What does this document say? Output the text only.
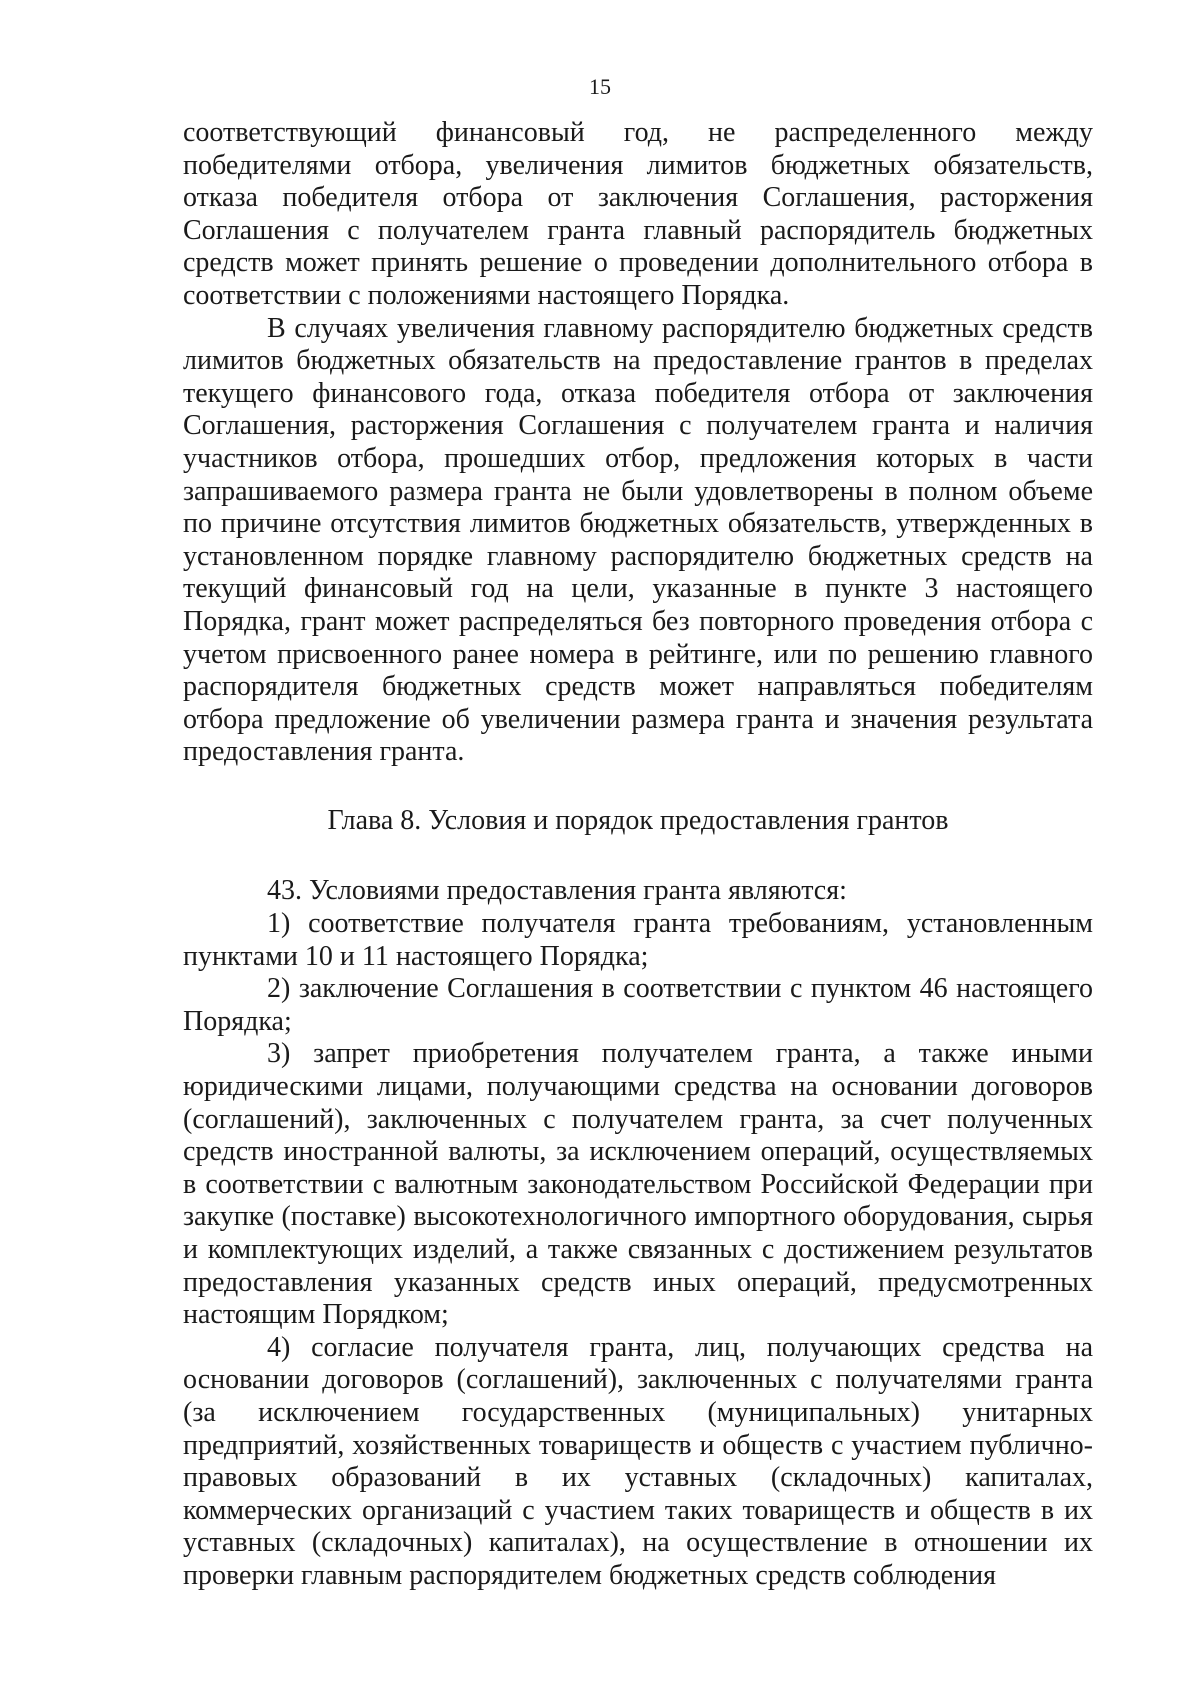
15

соответствующий финансовый год, не распределенного между победителями отбора, увеличения лимитов бюджетных обязательств, отказа победителя отбора от заключения Соглашения, расторжения Соглашения с получателем гранта главный распорядитель бюджетных средств может принять решение о проведении дополнительного отбора в соответствии с положениями настоящего Порядка.

В случаях увеличения главному распорядителю бюджетных средств лимитов бюджетных обязательств на предоставление грантов в пределах текущего финансового года, отказа победителя отбора от заключения Соглашения, расторжения Соглашения с получателем гранта и наличия участников отбора, прошедших отбор, предложения которых в части запрашиваемого размера гранта не были удовлетворены в полном объеме по причине отсутствия лимитов бюджетных обязательств, утвержденных в установленном порядке главному распорядителю бюджетных средств на текущий финансовый год на цели, указанные в пункте 3 настоящего Порядка, грант может распределяться без повторного проведения отбора с учетом присвоенного ранее номера в рейтинге, или по решению главного распорядителя бюджетных средств может направляться победителям отбора предложение об увеличении размера гранта и значения результата предоставления гранта.

Глава 8. Условия и порядок предоставления грантов

43. Условиями предоставления гранта являются:

1) соответствие получателя гранта требованиям, установленным пунктами 10 и 11 настоящего Порядка;

2) заключение Соглашения в соответствии с пунктом 46 настоящего Порядка;

3) запрет приобретения получателем гранта, а также иными юридическими лицами, получающими средства на основании договоров (соглашений), заключенных с получателем гранта, за счет полученных средств иностранной валюты, за исключением операций, осуществляемых в соответствии с валютным законодательством Российской Федерации при закупке (поставке) высокотехнологичного импортного оборудования, сырья и комплектующих изделий, а также связанных с достижением результатов предоставления указанных средств иных операций, предусмотренных настоящим Порядком;

4) согласие получателя гранта, лиц, получающих средства на основании договоров (соглашений), заключенных с получателями гранта (за исключением государственных (муниципальных) унитарных предприятий, хозяйственных товариществ и обществ с участием публично-правовых образований в их уставных (складочных) капиталах, коммерческих организаций с участием таких товариществ и обществ в их уставных (складочных) капиталах), на осуществление в отношении их проверки главным распорядителем бюджетных средств соблюдения
